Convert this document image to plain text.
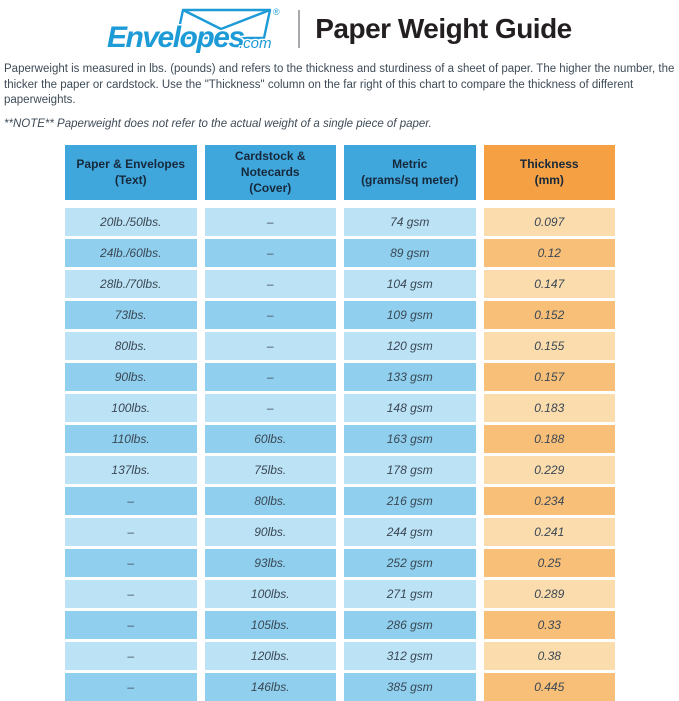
Envelopes
.com
®
Paper Weight Guide

Paperweight is measured in lbs. (pounds) and refers to the thickness and sturdiness of a sheet of paper. The higher the number, the thicker the paper or cardstock. Use the "Thickness" column on the far right of this chart to compare the thickness of different paperweights.

**NOTE** Paperweight does not refer to the actual weight of a single piece of paper.

Paper & Envelopes
(Text)
Cardstock & Notecards
(Cover)
Metric
(grams/sq meter)
Thickness
(mm)
20lb./50lbs.	–	74 gsm	0.097
24lb./60lbs.	–	89 gsm	0.12
28lb./70lbs.	–	104 gsm	0.147
73lbs.	–	109 gsm	0.152
80lbs.	–	120 gsm	0.155
90lbs.	–	133 gsm	0.157
100lbs.	–	148 gsm	0.183
110lbs.	60lbs.	163 gsm	0.188
137lbs.	75lbs.	178 gsm	0.229
–	80lbs.	216 gsm	0.234
–	90lbs.	244 gsm	0.241
–	93lbs.	252 gsm	0.25
–	100lbs.	271 gsm	0.289
–	105lbs.	286 gsm	0.33
–	120lbs.	312 gsm	0.38
–	146lbs.	385 gsm	0.445
